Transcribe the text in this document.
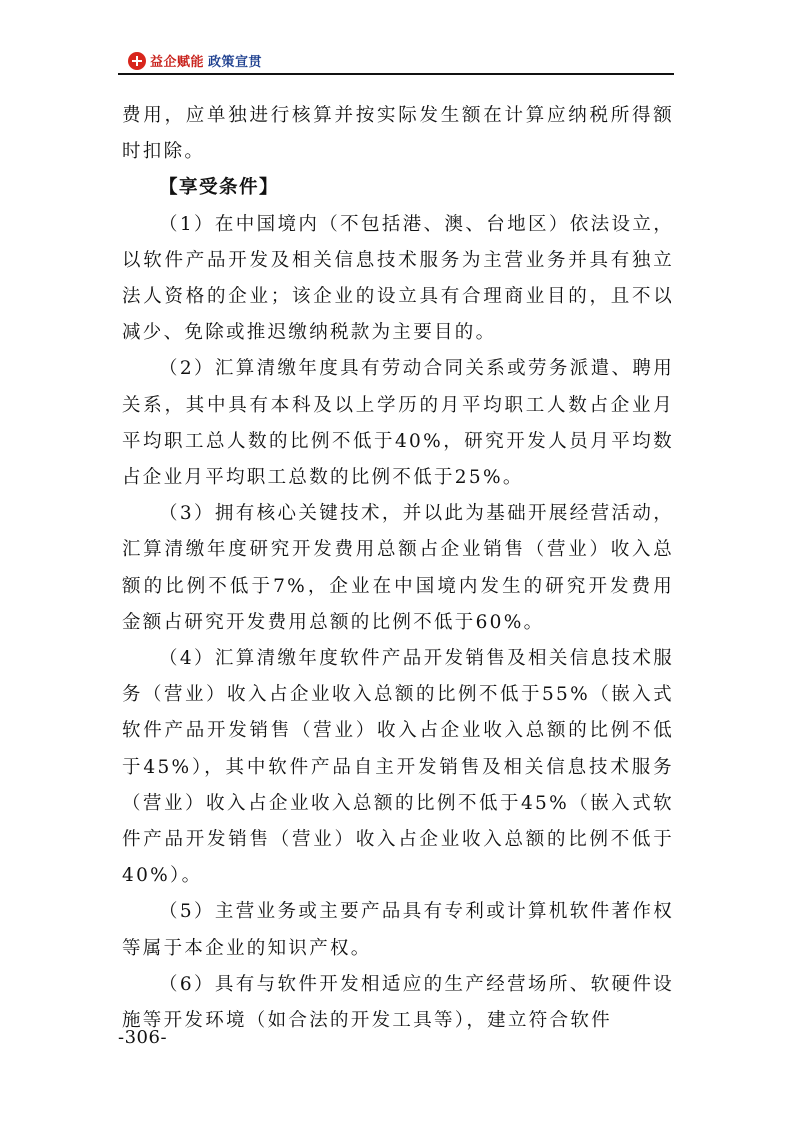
益企赋能 政策宣贯

费用，应单独进行核算并按实际发生额在计算应纳税所得额时扣除。

【享受条件】

（1）在中国境内（不包括港、澳、台地区）依法设立，以软件产品开发及相关信息技术服务为主营业务并具有独立法人资格的企业；该企业的设立具有合理商业目的，且不以减少、免除或推迟缴纳税款为主要目的。

（2）汇算清缴年度具有劳动合同关系或劳务派遣、聘用关系，其中具有本科及以上学历的月平均职工人数占企业月平均职工总人数的比例不低于40%，研究开发人员月平均数占企业月平均职工总数的比例不低于25%。

（3）拥有核心关键技术，并以此为基础开展经营活动，汇算清缴年度研究开发费用总额占企业销售（营业）收入总额的比例不低于7%，企业在中国境内发生的研究开发费用金额占研究开发费用总额的比例不低于60%。

（4）汇算清缴年度软件产品开发销售及相关信息技术服务（营业）收入占企业收入总额的比例不低于55%（嵌入式软件产品开发销售（营业）收入占企业收入总额的比例不低于45%），其中软件产品自主开发销售及相关信息技术服务（营业）收入占企业收入总额的比例不低于45%（嵌入式软件产品开发销售（营业）收入占企业收入总额的比例不低于40%）。

（5）主营业务或主要产品具有专利或计算机软件著作权等属于本企业的知识产权。

（6）具有与软件开发相适应的生产经营场所、软硬件设施等开发环境（如合法的开发工具等），建立符合软件

-306-
